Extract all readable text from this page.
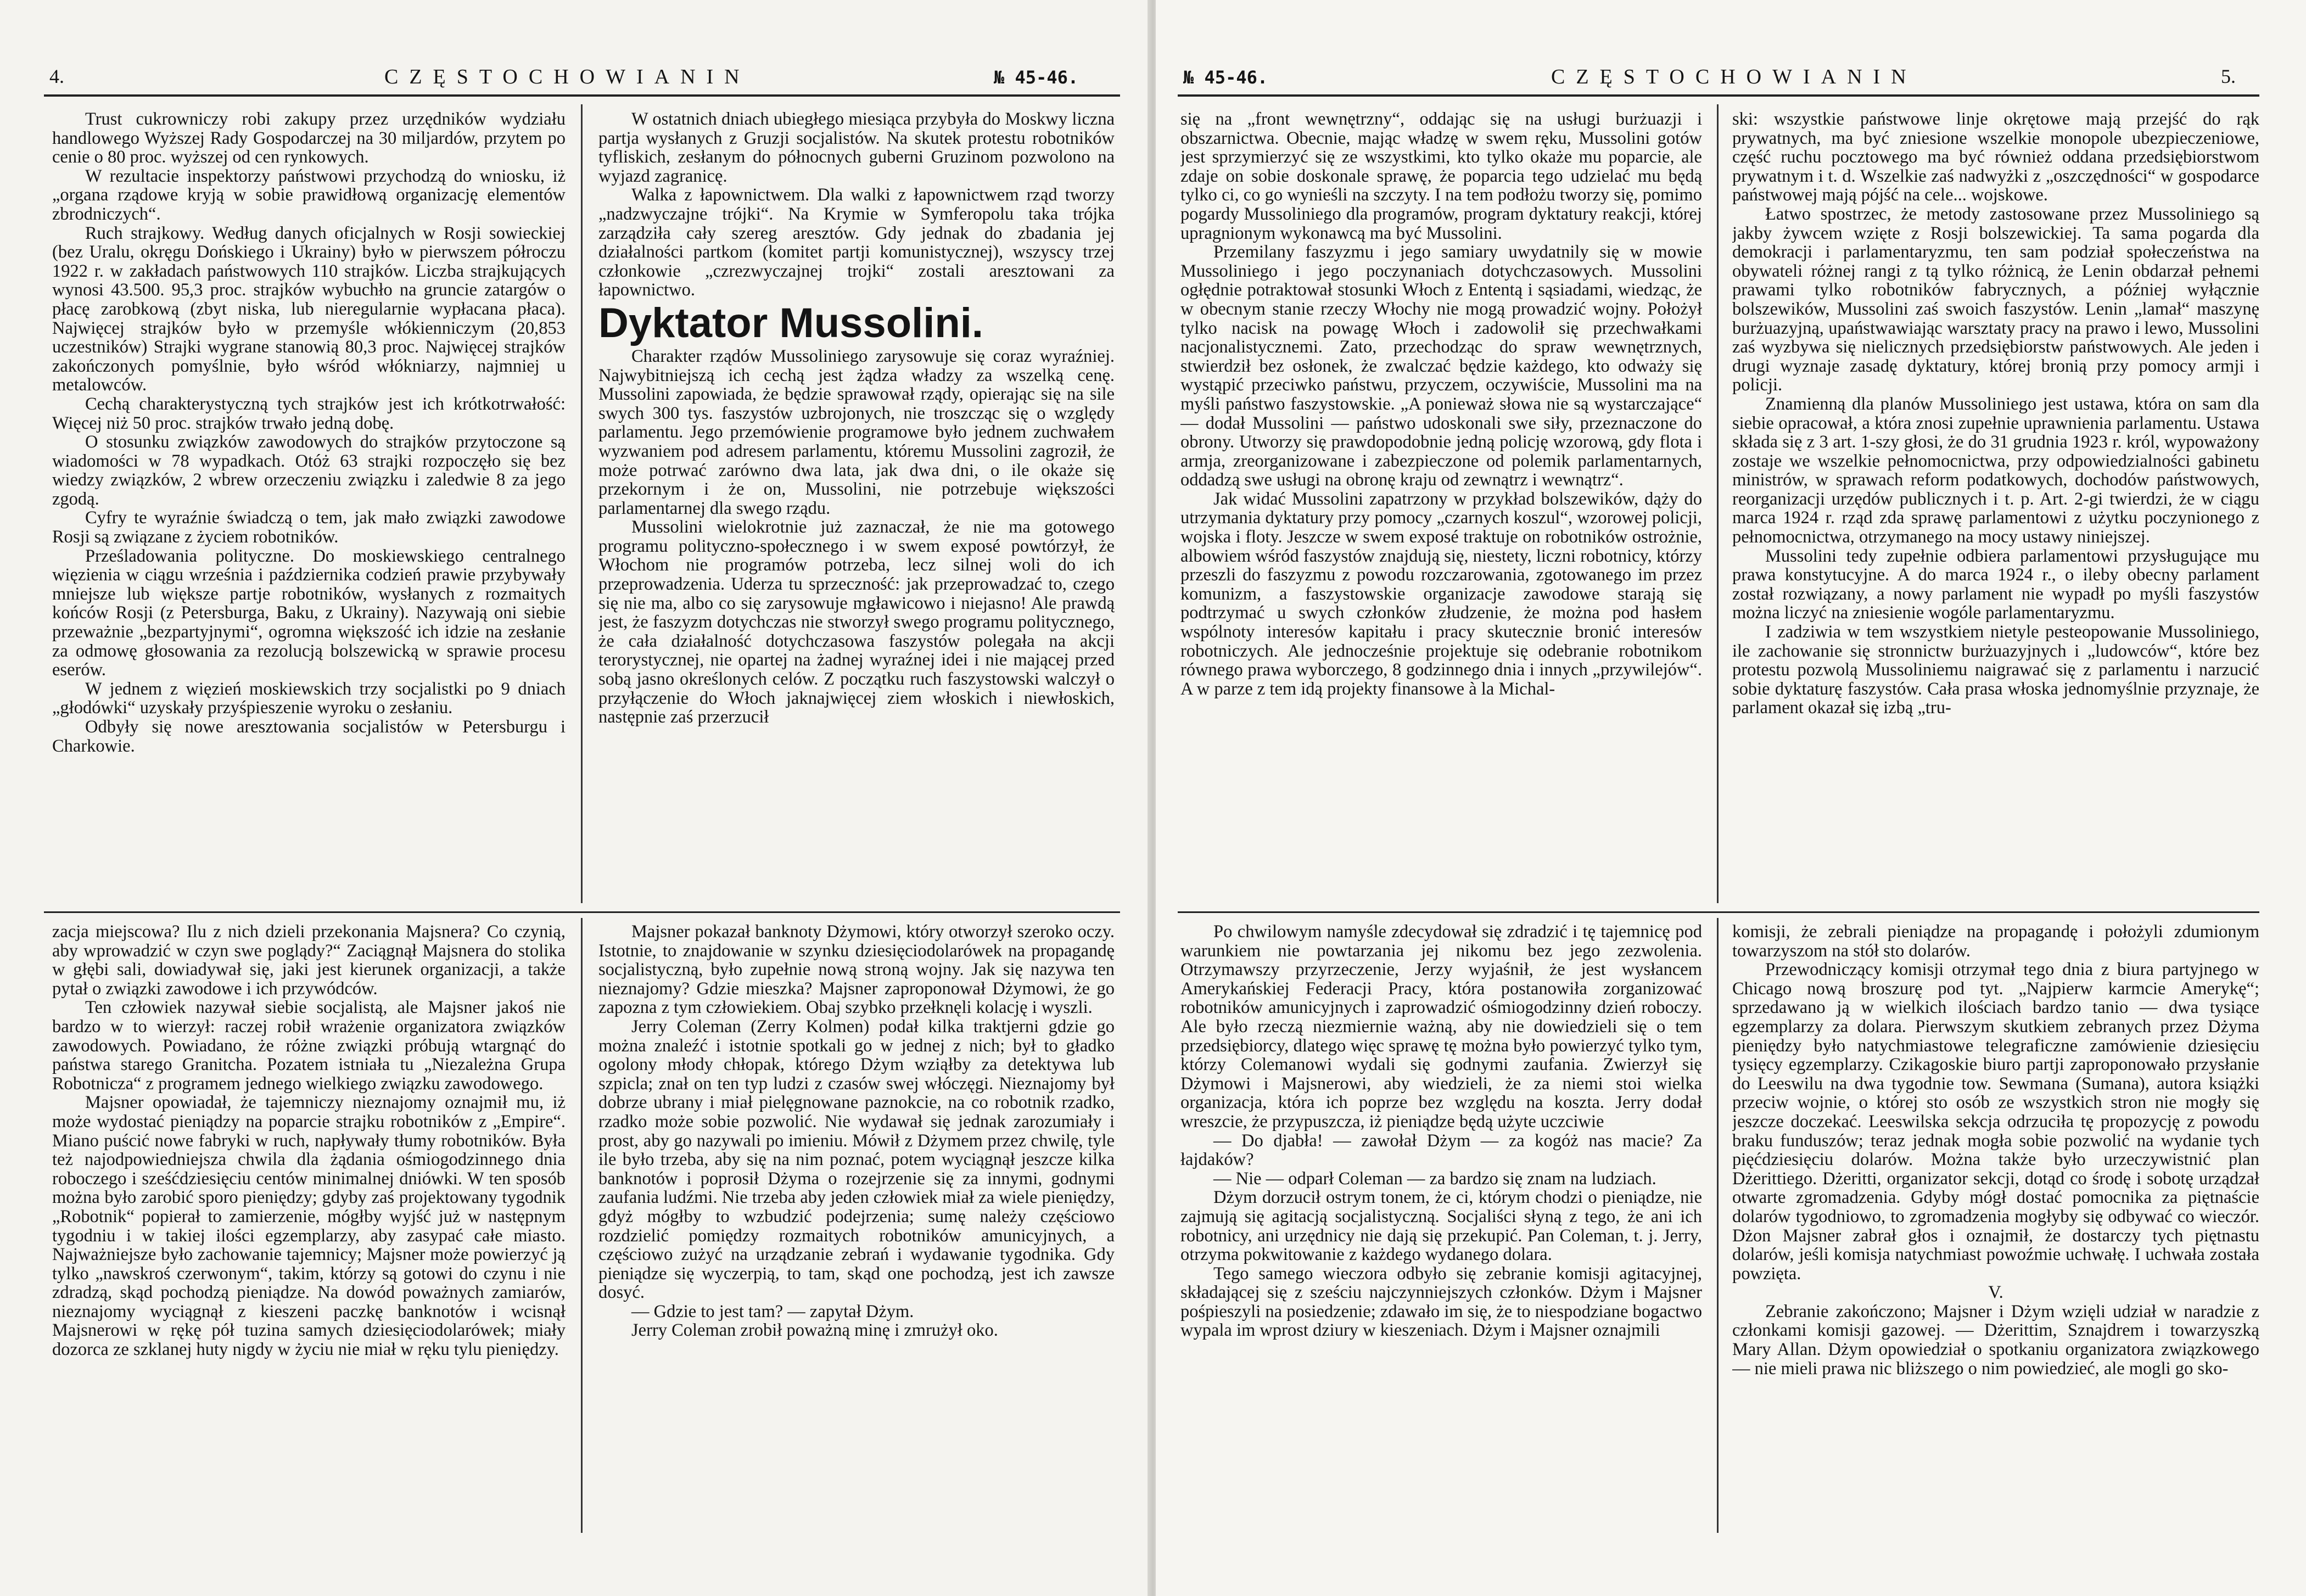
4.	CZĘSTOCHOWIANIN	№ 45-46.

Trust cukrowniczy robi zakupy przez urzędników wydziału handlowego Wyższej Rady Gospodarczej na 30 miljardów, przytem po cenie o 80 proc. wyższej od cen rynkowych.

W rezultacie inspektorzy państwowi przychodzą do wniosku, iż „organa rządowe kryją w sobie prawidłową organizację elementów zbrodniczych“.

Ruch strajkowy. Według danych oficjalnych w Rosji sowieckiej (bez Uralu, okręgu Dońskiego i Ukrainy) było w pierwszem półroczu 1922 r. w zakładach państwowych 110 strajków. Liczba strajkujących wynosi 43.500. 95,3 proc. strajków wybuchło na gruncie zatargów o płacę zarobkową (zbyt niska, lub nieregularnie wypłacana płaca). Najwięcej strajków było w przemyśle włókienniczym (20,853 uczestników) Strajki wygrane stanowią 80,3 proc. Najwięcej strajków zakończonych pomyślnie, było wśród włókniarzy, najmniej u metalowców.

Cechą charakterystyczną tych strajków jest ich krótkotrwałość: Więcej niż 50 proc. strajków trwało jedną dobę.

O stosunku związków zawodowych do strajków przytoczone są wiadomości w 78 wypadkach. Otóż 63 strajki rozpoczęło się bez wiedzy związków, 2 wbrew orzeczeniu związku i zaledwie 8 za jego zgodą.

Cyfry te wyraźnie świadczą o tem, jak mało związki zawodowe Rosji są związane z życiem robotników.

Prześladowania polityczne. Do moskiewskiego centralnego więzienia w ciągu września i października codzień prawie przybywały mniejsze lub większe partje robotników, wysłanych z rozmaitych końców Rosji (z Petersburga, Baku, z Ukrainy). Nazywają oni siebie przeważnie „bezpartyjnymi“, ogromna większość ich idzie na zesłanie za odmowę głosowania za rezolucją bolszewicką w sprawie procesu eserów.

W jednem z więzień moskiewskich trzy socjalistki po 9 dniach „głodówki“ uzyskały przyśpieszenie wyroku o zesłaniu.

Odbyły się nowe aresztowania socjalistów w Petersburgu i Charkowie.

W ostatnich dniach ubiegłego miesiąca przybyła do Moskwy liczna partja wysłanych z Gruzji socjalistów. Na skutek protestu robotników tyfliskich, zesłanym do północnych guberni Gruzinom pozwolono na wyjazd zagranicę.

Walka z łapownictwem. Dla walki z łapownictwem rząd tworzy „nadzwyczajne trójki“. Na Krymie w Symferopolu taka trójka zarządziła cały szereg aresztów. Gdy jednak do zbadania jej działalności partkom (komitet partji komunistycznej), wszyscy trzej członkowie „czrezwyczajnej trojki“ zostali aresztowani za łapownictwo.

Dyktator Mussolini.

Charakter rządów Mussoliniego zarysowuje się coraz wyraźniej. Najwybitniejszą ich cechą jest żądza władzy za wszelką cenę. Mussolini zapowiada, że będzie sprawował rządy, opierając się na sile swych 300 tys. faszystów uzbrojonych, nie troszcząc się o względy parlamentu. Jego przemówienie programowe było jednem zuchwałem wyzwaniem pod adresem parlamentu, któremu Mussolini zagroził, że może potrwać zarówno dwa lata, jak dwa dni, o ile okaże się przekornym i że on, Mussolini, nie potrzebuje większości parlamentarnej dla swego rządu.

Mussolini wielokrotnie już zaznaczał, że nie ma gotowego programu polityczno-społecznego i w swem exposé powtórzył, że Włochom nie programów potrzeba, lecz silnej woli do ich przeprowadzenia. Uderza tu sprzeczność: jak przeprowadzać to, czego się nie ma, albo co się zarysowuje mgławicowo i niejasno! Ale prawdą jest, że faszyzm dotychczas nie stworzył swego programu politycznego, że cała działalność dotychczasowa faszystów polegała na akcji terorystycznej, nie opartej na żadnej wyraźnej idei i nie mającej przed sobą jasno określonych celów. Z początku ruch faszystowski walczył o przyłączenie do Włoch jaknajwięcej ziem włoskich i niewłoskich, następnie zaś przerzucił

zacja miejscowa? Ilu z nich dzieli przekonania Majsnera? Co czynią, aby wprowadzić w czyn swe poglądy?“ Zaciągnął Majsnera do stolika w głębi sali, dowiadywał się, jaki jest kierunek organizacji, a także pytał o związki zawodowe i ich przywódców.

Ten człowiek nazywał siebie socjalistą, ale Majsner jakoś nie bardzo w to wierzył: raczej robił wrażenie organizatora związków zawodowych. Powiadano, że różne związki próbują wtargnąć do państwa starego Granitcha. Pozatem istniała tu „Niezależna Grupa Robotnicza“ z programem jednego wielkiego związku zawodowego.

Majsner opowiadał, że tajemniczy nieznajomy oznajmił mu, iż może wydostać pieniądzy na poparcie strajku robotników z „Empire“. Miano puścić nowe fabryki w ruch, napływały tłumy robotników. Była też najodpowiedniejsza chwila dla żądania ośmiogodzinnego dnia roboczego i sześćdziesięciu centów minimalnej dniówki. W ten sposób można było zarobić sporo pieniędzy; gdyby zaś projektowany tygodnik „Robotnik“ popierał to zamierzenie, mógłby wyjść już w następnym tygodniu i w takiej ilości egzemplarzy, aby zasypać całe miasto. Najważniejsze było zachowanie tajemnicy; Majsner może powierzyć ją tylko „nawskroś czerwonym“, takim, którzy są gotowi do czynu i nie zdradzą, skąd pochodzą pieniądze. Na dowód poważnych zamiarów, nieznajomy wyciągnął z kieszeni paczkę banknotów i wcisnął Majsnerowi w rękę pół tuzina samych dziesięciodolarówek; miały dozorca ze szklanej huty nigdy w życiu nie miał w ręku tylu pieniędzy.

Majsner pokazał banknoty Dżymowi, który otworzył szeroko oczy. Istotnie, to znajdowanie w szynku dziesięciodolarówek na propagandę socjalistyczną, było zupełnie nową stroną wojny. Jak się nazywa ten nieznajomy? Gdzie mieszka? Majsner zaproponował Dżymowi, że go zapozna z tym człowiekiem. Obaj szybko przełknęli kolację i wyszli.

Jerry Coleman (Zerry Kolmen) podał kilka traktjerni gdzie go można znaleźć i istotnie spotkali go w jednej z nich; był to gładko ogolony młody chłopak, którego Dżym wziąłby za detektywa lub szpicla; znał on ten typ ludzi z czasów swej włóczęgi. Nieznajomy był dobrze ubrany i miał pielęgnowane paznokcie, na co robotnik rzadko, rzadko może sobie pozwolić. Nie wydawał się jednak zarozumiały i prost, aby go nazywali po imieniu. Mówił z Dżymem przez chwilę, tyle ile było trzeba, aby się na nim poznać, potem wyciągnął jeszcze kilka banknotów i poprosił Dżyma o rozejrzenie się za innymi, godnymi zaufania ludźmi. Nie trzeba aby jeden człowiek miał za wiele pieniędzy, gdyż mógłby to wzbudzić podejrzenia; sumę należy częściowo rozdzielić pomiędzy rozmaitych robotników amunicyjnych, a częściowo zużyć na urządzanie zebrań i wydawanie tygodnika. Gdy pieniądze się wyczerpią, to tam, skąd one pochodzą, jest ich zawsze dosyć.

— Gdzie to jest tam? — zapytał Dżym.

Jerry Coleman zrobił poważną minę i zmrużył oko.

№ 45-46.	CZĘSTOCHOWIANIN	5.

się na „front wewnętrzny“, oddając się na usługi burżuazji i obszarnictwa. Obecnie, mając władzę w swem ręku, Mussolini gotów jest sprzymierzyć się ze wszystkimi, kto tylko okaże mu poparcie, ale zdaje on sobie doskonale sprawę, że poparcia tego udzielać mu będą tylko ci, co go wynieśli na szczyty. I na tem podłożu tworzy się, pomimo pogardy Mussoliniego dla programów, program dyktatury reakcji, której upragnionym wykonawcą ma być Mussolini.

Przemilany faszyzmu i jego samiary uwydatnily się w mowie Mussoliniego i jego poczynaniach dotychczasowych. Mussolini ogłędnie potraktował stosunki Włoch z Ententą i sąsiadami, wiedząc, że w obecnym stanie rzeczy Włochy nie mogą prowadzić wojny. Położył tylko nacisk na powagę Włoch i zadowolił się przechwałkami nacjonalistycznemi. Zato, przechodząc do spraw wewnętrznych, stwierdził bez osłonek, że zwalczać będzie każdego, kto odważy się wystąpić przeciwko państwu, przyczem, oczywiście, Mussolini ma na myśli państwo faszystowskie. „A ponieważ słowa nie są wystarczające“ — dodał Mussolini — państwo udoskonali swe siły, przeznaczone do obrony. Utworzy się prawdopodobnie jedną policję wzorową, gdy flota i armja, zreorganizowane i zabezpieczone od polemik parlamentarnych, oddadzą swe usługi na obronę kraju od zewnątrz i wewnątrz“.

Jak widać Mussolini zapatrzony w przykład bolszewików, dąży do utrzymania dyktatury przy pomocy „czarnych koszul“, wzorowej policji, wojska i floty. Jeszcze w swem exposé traktuje on robotników ostrożnie, albowiem wśród faszystów znajdują się, niestety, liczni robotnicy, którzy przeszli do faszyzmu z powodu rozczarowania, zgotowanego im przez komunizm, a faszystowskie organizacje zawodowe starają się podtrzymać u swych członków złudzenie, że można pod hasłem wspólnoty interesów kapitału i pracy skutecznie bronić interesów robotniczych. Ale jednocześnie projektuje się odebranie robotnikom równego prawa wyborczego, 8 godzinnego dnia i innych „przywilejów“. A w parze z tem idą projekty finansowe à la Michal-

ski: wszystkie państwowe linje okrętowe mają przejść do rąk prywatnych, ma być zniesione wszelkie monopole ubezpieczeniowe, część ruchu pocztowego ma być również oddana przedsiębiorstwom prywatnym i t. d. Wszelkie zaś nadwyżki z „oszczędności“ w gospodarce państwowej mają pójść na cele... wojskowe.

Łatwo spostrzec, że metody zastosowane przez Mussoliniego są jakby żywcem wzięte z Rosji bolszewickiej. Ta sama pogarda dla demokracji i parlamentaryzmu, ten sam podział społeczeństwa na obywateli różnej rangi z tą tylko różnicą, że Lenin obdarzał pełnemi prawami tylko robotników fabrycznych, a później wyłącznie bolszewików, Mussolini zaś swoich faszystów. Lenin „lamał“ maszynę burżuazyjną, upaństwawiając warsztaty pracy na prawo i lewo, Mussolini zaś wyzbywa się nielicznych przedsiębiorstw państwowych. Ale jeden i drugi wyznaje zasadę dyktatury, której bronią przy pomocy armji i policji.

Znamienną dla planów Mussoliniego jest ustawa, która on sam dla siebie opracował, a która znosi zupełnie uprawnienia parlamentu. Ustawa składa się z 3 art. 1-szy głosi, że do 31 grudnia 1923 r. król, wypoważony zostaje we wszelkie pełnomocnictwa, przy odpowiedzialności gabinetu ministrów, w sprawach reform podatkowych, dochodów państwowych, reorganizacji urzędów publicznych i t. p. Art. 2-gi twierdzi, że w ciągu marca 1924 r. rząd zda sprawę parlamentowi z użytku poczynionego z pełnomocnictwa, otrzymanego na mocy ustawy niniejszej.

Mussolini tedy zupełnie odbiera parlamentowi przysługujące mu prawa konstytucyjne. A do marca 1924 r., o ileby obecny parlament został rozwiązany, a nowy parlament nie wypadł po myśli faszystów można liczyć na zniesienie wogóle parlamentaryzmu.

I zadziwia w tem wszystkiem nietyle pesteopowanie Mussoliniego, ile zachowanie się stronnictw burżuazyjnych i „ludowców“, które bez protestu pozwolą Mussoliniemu naigrawać się z parlamentu i narzucić sobie dyktaturę faszystów. Cała prasa włoska jednomyślnie przyznaje, że parlament okazał się izbą „tru-

Po chwilowym namyśle zdecydował się zdradzić i tę tajemnicę pod warunkiem nie powtarzania jej nikomu bez jego zezwolenia. Otrzymawszy przyrzeczenie, Jerzy wyjaśnił, że jest wysłancem Amerykańskiej Federacji Pracy, która postanowiła zorganizować robotników amunicyjnych i zaprowadzić ośmiogodzinny dzień roboczy. Ale było rzeczą niezmiernie ważną, aby nie dowiedzieli się o tem przedsiębiorcy, dlatego więc sprawę tę można było powierzyć tylko tym, którzy Colemanowi wydali się godnymi zaufania. Zwierzył się Dżymowi i Majsnerowi, aby wiedzieli, że za niemi stoi wielka organizacja, która ich poprze bez względu na koszta. Jerry dodał wreszcie, że przypuszcza, iż pieniądze będą użyte uczciwie

— Do djabła! — zawołał Dżym — za kogóż nas macie? Za łajdaków?

— Nie — odparł Coleman — za bardzo się znam na ludziach.

Dżym dorzucił ostrym tonem, że ci, którym chodzi o pieniądze, nie zajmują się agitacją socjalistyczną. Socjaliści słyną z tego, że ani ich robotnicy, ani urzędnicy nie dają się przekupić. Pan Coleman, t. j. Jerry, otrzyma pokwitowanie z każdego wydanego dolara.

Tego samego wieczora odbyło się zebranie komisji agitacyjnej, składającej się z sześciu najczynniejszych członków. Dżym i Majsner pośpieszyli na posiedzenie; zdawało im się, że to niespodziane bogactwo wypala im wprost dziury w kieszeniach. Dżym i Majsner oznajmili

komisji, że zebrali pieniądze na propagandę i położyli zdumionym towarzyszom na stół sto dolarów.

Przewodniczący komisji otrzymał tego dnia z biura partyjnego w Chicago nową broszurę pod tyt. „Najpierw karmcie Amerykę“; sprzedawano ją w wielkich ilościach bardzo tanio — dwa tysiące egzemplarzy za dolara. Pierwszym skutkiem zebranych przez Dżyma pieniędzy było natychmiastowe telegraficzne zamówienie dziesięciu tysięcy egzemplarzy. Czikagoskie biuro partji zaproponowało przysłanie do Leeswilu na dwa tygodnie tow. Sewmana (Sumana), autora książki przeciw wojnie, o której sto osób ze wszystkich stron nie mogły się jeszcze doczekać. Leeswilska sekcja odrzuciła tę propozycję z powodu braku funduszów; teraz jednak mogła sobie pozwolić na wydanie tych pięćdziesięciu dolarów. Można także było urzeczywistnić plan Dżerittiego. Dżeritti, organizator sekcji, dotąd co środę i sobotę urządzał otwarte zgromadzenia. Gdyby mógł dostać pomocnika za piętnaście dolarów tygodniowo, to zgromadzenia mogłyby się odbywać co wieczór. Dżon Majsner zabrał głos i oznajmił, że dostarczy tych piętnastu dolarów, jeśli komisja natychmiast powoźmie uchwałę. I uchwała została powzięta.

V.

Zebranie zakończono; Majsner i Dżym wzięli udział w naradzie z członkami komisji gazowej. — Dżerittim, Sznajdrem i towarzyszką Mary Allan. Dżym opowiedział o spotkaniu organizatora związkowego — nie mieli prawa nic bliższego o nim powiedzieć, ale mogli go sko-
